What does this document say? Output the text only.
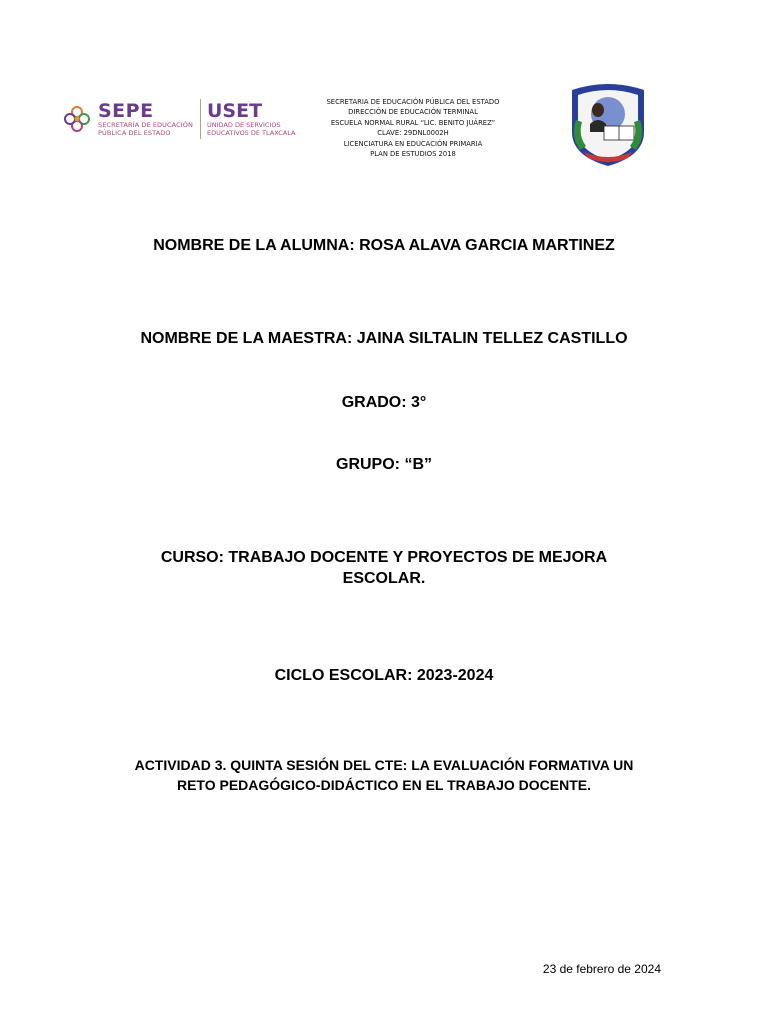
SEPE
SECRETARÍA DE EDUCACIÓN
PÚBLICA DEL ESTADO
USET
UNIDAD DE SERVICIOS
EDUCATIVOS DE TLAXCALA
SECRETARIA DE EDUCACIÓN PÚBLICA DEL ESTADO
DIRECCIÓN DE EDUCACIÓN TERMINAL
ESCUELA NORMAL RURAL “LIC. BENITO JUÁREZ”
CLAVE: 29DNL0002H
LICENCIATURA EN EDUCACIÓN PRIMARIA
PLAN DE ESTUDIOS 2018
NOMBRE DE LA ALUMNA: ROSA ALAVA GARCIA MARTINEZ
NOMBRE DE LA MAESTRA: JAINA SILTALIN TELLEZ CASTILLO
GRADO: 3°
GRUPO: “B”
CURSO: TRABAJO DOCENTE Y PROYECTOS DE MEJORA
ESCOLAR.
CICLO ESCOLAR: 2023-2024
ACTIVIDAD 3. QUINTA SESIÓN DEL CTE: LA EVALUACIÓN FORMATIVA UN
RETO PEDAGÓGICO-DIDÁCTICO EN EL TRABAJO DOCENTE.
23 de febrero de 2024
